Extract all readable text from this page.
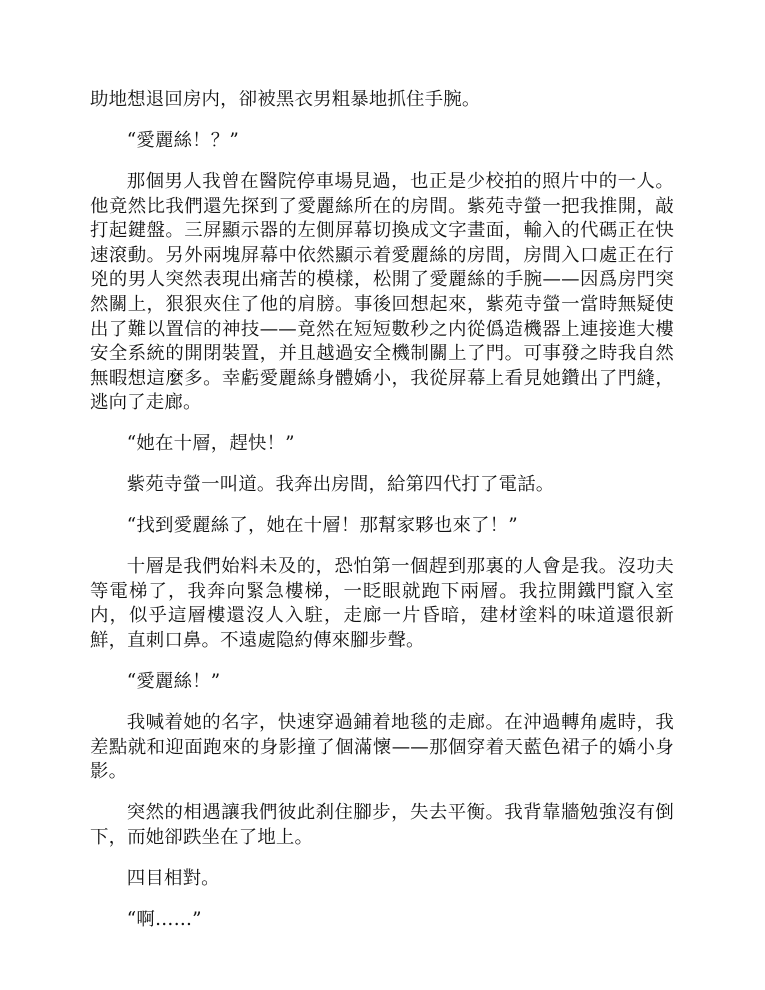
助地想退回房内，卻被黑衣男粗暴地抓住手腕。

“愛麗絲！？”

那個男人我曾在醫院停車場見過，也正是少校拍的照片中的一人。他竟然比我們還先探到了愛麗絲所在的房間。紫苑寺螢一把我推開，敲打起鍵盤。三屏顯示器的左側屏幕切換成文字畫面，輸入的代碼正在快速滾動。另外兩塊屏幕中依然顯示着愛麗絲的房間，房間入口處正在行兇的男人突然表現出痛苦的模樣，松開了愛麗絲的手腕——因爲房門突然關上，狠狠夾住了他的肩膀。事後回想起來，紫苑寺螢一當時無疑使出了難以置信的神技——竟然在短短數秒之内從僞造機器上連接進大樓安全系統的開閉裝置，并且越過安全機制關上了門。可事發之時我自然無暇想這麼多。幸虧愛麗絲身體嬌小，我從屏幕上看見她鑽出了門縫，逃向了走廊。

“她在十層，趕快！”

紫苑寺螢一叫道。我奔出房間，給第四代打了電話。

“找到愛麗絲了，她在十層！那幫家夥也來了！”

十層是我們始料未及的，恐怕第一個趕到那裏的人會是我。沒功夫等電梯了，我奔向緊急樓梯，一眨眼就跑下兩層。我拉開鐵門竄入室内，似乎這層樓還沒人入駐，走廊一片昏暗，建材塗料的味道還很新鮮，直刺口鼻。不遠處隐約傳來腳步聲。

“愛麗絲！”

我喊着她的名字，快速穿過鋪着地毯的走廊。在沖過轉角處時，我差點就和迎面跑來的身影撞了個滿懷——那個穿着天藍色裙子的嬌小身影。

突然的相遇讓我們彼此刹住腳步，失去平衡。我背靠牆勉強沒有倒下，而她卻跌坐在了地上。

四目相對。

“啊……”
